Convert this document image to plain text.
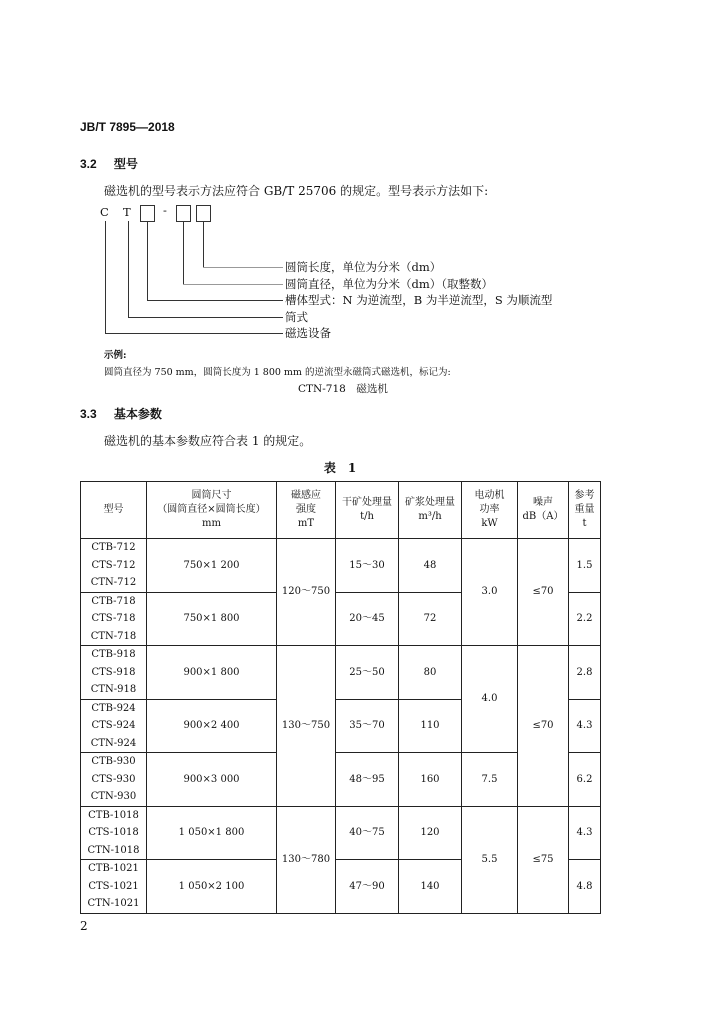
JB/T 7895—2018
3.2 型号
磁选机的型号表示方法应符合 GB/T 25706 的规定。型号表示方法如下:
C T	-
圆筒长度，单位为分米（dm）
圆筒直径，单位为分米（dm）（取整数）
槽体型式：N 为逆流型，B 为半逆流型，S 为顺流型
筒式
磁选设备
示例:
圆筒直径为 750 mm，圆筒长度为 1 800 mm 的逆流型永磁筒式磁选机，标记为:
CTN-718　磁选机
3.3 基本参数
磁选机的基本参数应符合表 1 的规定。
表　1
型号	圆筒尺寸
（圆筒直径×圆筒长度）
mm	磁感应
强度
mT	干矿处理量
t/h	矿浆处理量
m³/h	电动机
功率
kW	噪声
dB（A）	参考
重量
t

CTB-712
CTS-712
CTN-712	750×1 200	120～750	15～30	48	3.0	≤70	1.5

CTB-718
CTS-718
CTN-718	750×1 800		20～45	72			2.2

CTB-918
CTS-918
CTN-918	900×1 800	130～750	25～50	80	4.0	≤70	2.8

CTB-924
CTS-924
CTN-924	900×2 400		35～70	110			4.3

CTB-930
CTS-930
CTN-930	900×3 000		48～95	160	7.5		6.2

CTB-1018
CTS-1018
CTN-1018	1 050×1 800	130～780	40～75	120	5.5	≤75	4.3

CTB-1021
CTS-1021
CTN-1021	1 050×2 100		47～90	140			4.8
2
